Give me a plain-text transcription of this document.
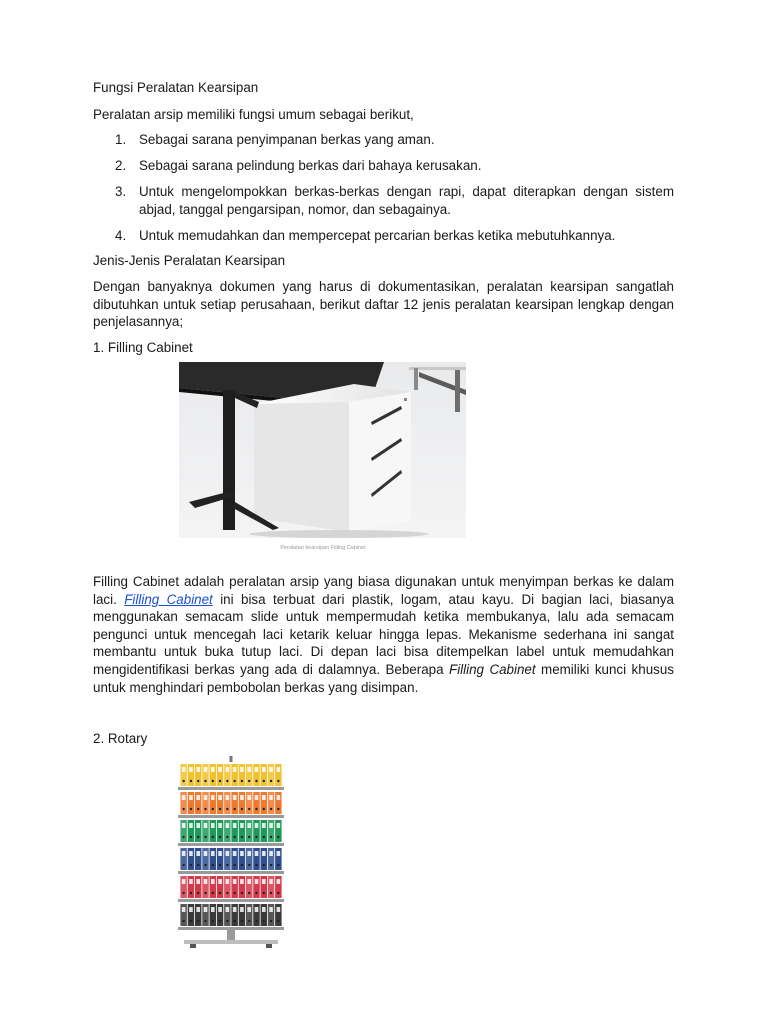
Fungsi Peralatan Kearsipan

Peralatan arsip memiliki fungsi umum sebagai berikut,

1. Sebagai sarana penyimpanan berkas yang aman.
2. Sebagai sarana pelindung berkas dari bahaya kerusakan.
3. Untuk mengelompokkan berkas-berkas dengan rapi, dapat diterapkan dengan sistem abjad, tanggal pengarsipan, nomor, dan sebagainya.
4. Untuk memudahkan dan mempercepat percarian berkas ketika mebutuhkannya.

Jenis-Jenis Peralatan Kearsipan

Dengan banyaknya dokumen yang harus di dokumentasikan, peralatan kearsipan sangatlah dibutuhkan untuk setiap perusahaan, berikut daftar 12 jenis peralatan kearsipan lengkap dengan penjelasannya;

1. Filling Cabinet

Peralatan kearsipan Filling Cabinet

Filling Cabinet adalah peralatan arsip yang biasa digunakan untuk menyimpan berkas ke dalam laci. Filling Cabinet ini bisa terbuat dari plastik, logam, atau kayu. Di bagian laci, biasanya menggunakan semacam slide untuk mempermudah ketika membukanya, lalu ada semacam pengunci untuk mencegah laci ketarik keluar hingga lepas. Mekanisme sederhana ini sangat membantu untuk buka tutup laci. Di depan laci bisa ditempelkan label untuk memudahkan mengidentifikasi berkas yang ada di dalamnya. Beberapa Filling Cabinet memiliki kunci khusus untuk menghindari pembobolan berkas yang disimpan.

2. Rotary
